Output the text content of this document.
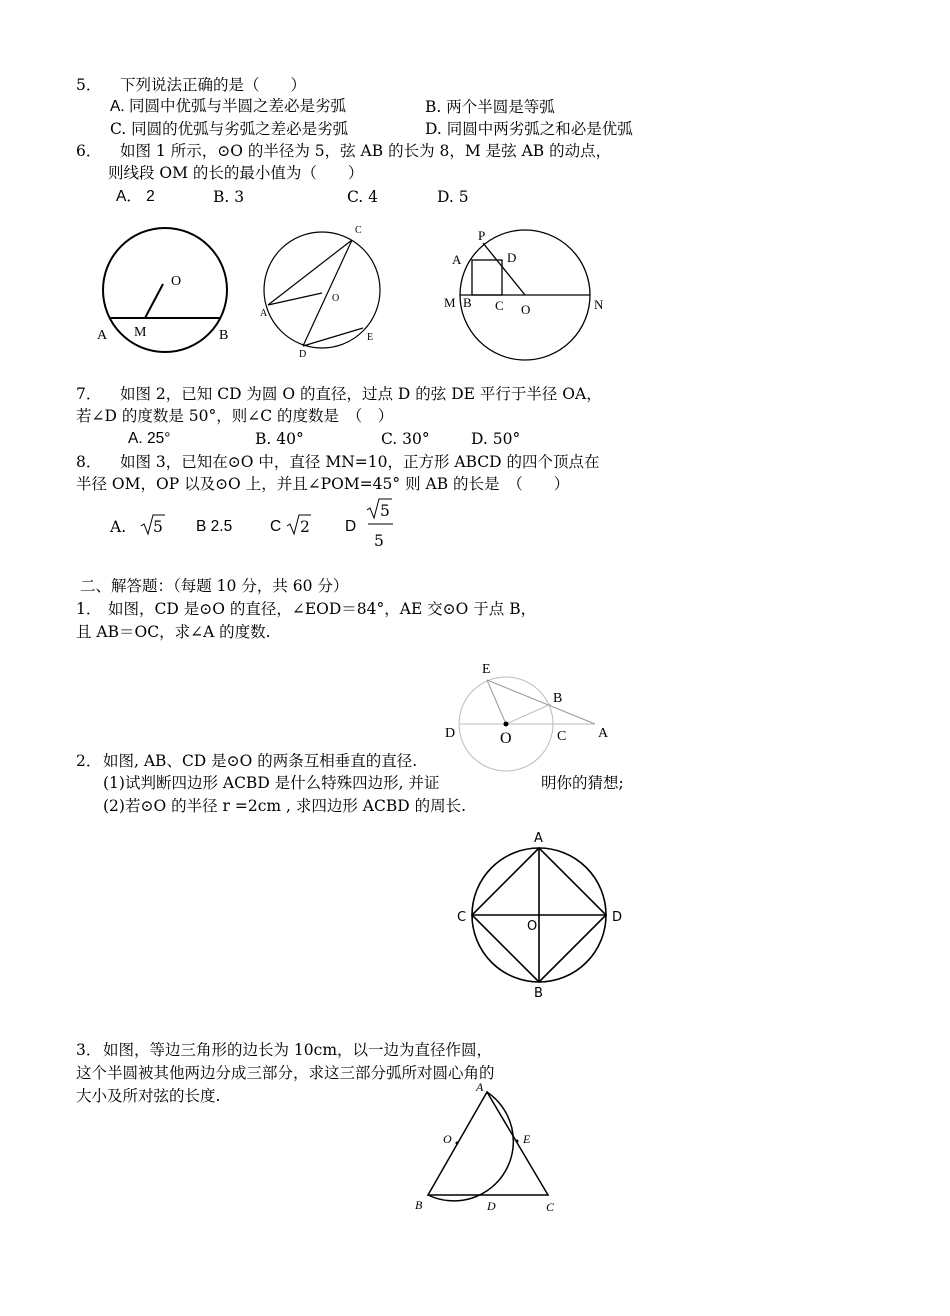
5． 下列说法正确的是（　　）
A. 同圆中优弧与半圆之差必是劣弧	B. 两个半圆是等弧
C. 同圆的优弧与劣弧之差必是劣弧	D. 同圆中两劣弧之和必是优弧
6． 如图 1 所示，⊙O 的半径为 5，弦 AB 的长为 8，M 是弦 AB 的动点，
则线段 OM 的长的最小值为（　　）
A． 2	B. 3	C. 4	D. 5
O
A M	B
C
O
A
E
D
P
A	D
M B C O	N
7． 如图 2，已知 CD 为圆 O 的直径，过点 D 的弦 DE 平行于半径 OA，
若∠D 的度数是 50°，则∠C 的度数是　（　）
A. 25°	B. 40°	C. 30°	D. 50°
8． 如图 3，已知在⊙O 中，直径 MN=10，正方形 ABCD 的四个顶点在
半径 OM，OP 以及⊙O 上，并且∠POM=45° 则 AB 的长是　（　　）
A. 5 B 2.5 C 2 D
5
5
二、解答题：（每题 10 分，共 60 分）
1． 如图，CD 是⊙O 的直径，∠EOD＝84°，AE 交⊙O 于点 B，
且 AB＝OC，求∠A 的度数.
E
B
D	O	C A
2． 如图, AB、CD 是⊙O 的两条互相垂直的直径.
(1)试判断四边形 ACBD 是什么特殊四边形, 并证	明你的猜想;
(2)若⊙O 的半径 r =2cm , 求四边形 ACBD 的周长.
A
C
O
D
B
3． 如图，等边三角形的边长为 10cm，以一边为直径作圆，
这个半圆被其他两边分成三部分，求这三部分弧所对圆心角的
大小及所对弦的长度.	A
O	E
B	D	C
